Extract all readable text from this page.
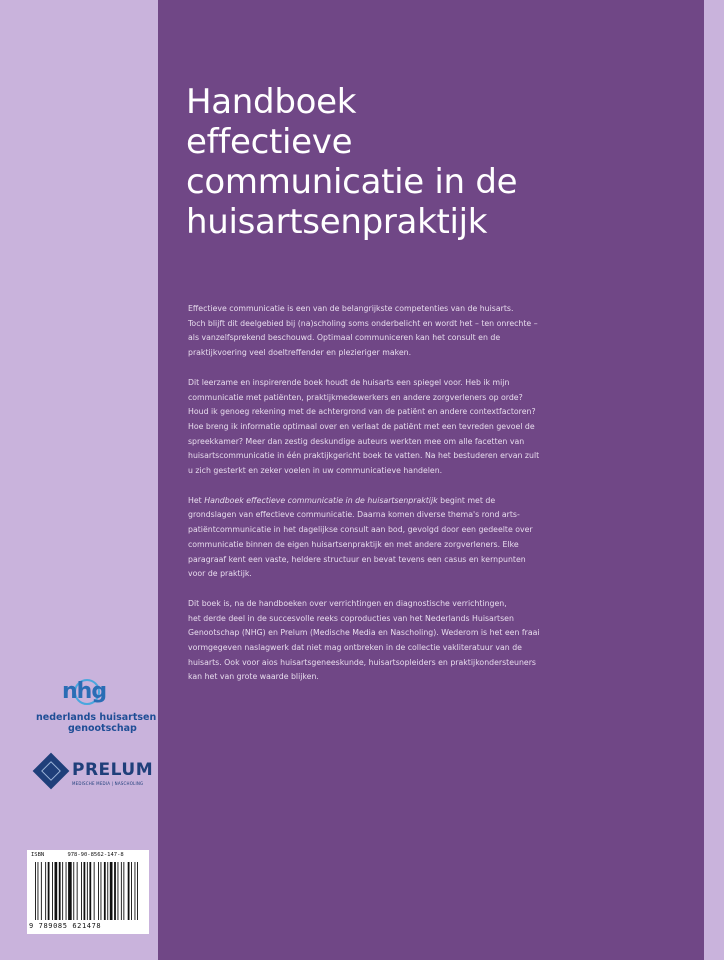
Handboek
effectieve
communicatie in de
huisartsenpraktijk

Effectieve communicatie is een van de belangrijkste competenties van de huisarts.
Toch blijft dit deelgebied bij (na)scholing soms onderbelicht en wordt het – ten onrechte –
als vanzelfsprekend beschouwd. Optimaal communiceren kan het consult en de
praktijkvoering veel doeltreffender en plezieriger maken.

Dit leerzame en inspirerende boek houdt de huisarts een spiegel voor. Heb ik mijn
communicatie met patiënten, praktijkmedewerkers en andere zorgverleners op orde?
Houd ik genoeg rekening met de achtergrond van de patiënt en andere contextfactoren?
Hoe breng ik informatie optimaal over en verlaat de patiënt met een tevreden gevoel de
spreekkamer? Meer dan zestig deskundige auteurs werkten mee om alle facetten van
huisartscommunicatie in één praktijkgericht boek te vatten. Na het bestuderen ervan zult
u zich gesterkt en zeker voelen in uw communicatieve handelen.

Het Handboek effectieve communicatie in de huisartsenpraktijk begint met de
grondslagen van effectieve communicatie. Daarna komen diverse thema's rond arts-
patiëntcommunicatie in het dagelijkse consult aan bod, gevolgd door een gedeelte over
communicatie binnen de eigen huisartsenpraktijk en met andere zorgverleners. Elke
paragraaf kent een vaste, heldere structuur en bevat tevens een casus en kernpunten
voor de praktijk.

Dit boek is, na de handboeken over verrichtingen en diagnostische verrichtingen,
het derde deel in de succesvolle reeks coproducties van het Nederlands Huisartsen
Genootschap (NHG) en Prelum (Medische Media en Nascholing). Wederom is het een fraai
vormgegeven naslagwerk dat niet mag ontbreken in de collectie vakliteratuur van de
huisarts. Ook voor aios huisartsgeneeskunde, huisartsopleiders en praktijkondersteuners
kan het van grote waarde blijken.

nhg
nederlands huisartsen
genootschap
PRELUM
MEDISCHE MEDIA | NASCHOLING
ISBN	978-90-8562-147-8
9 789085 621478
